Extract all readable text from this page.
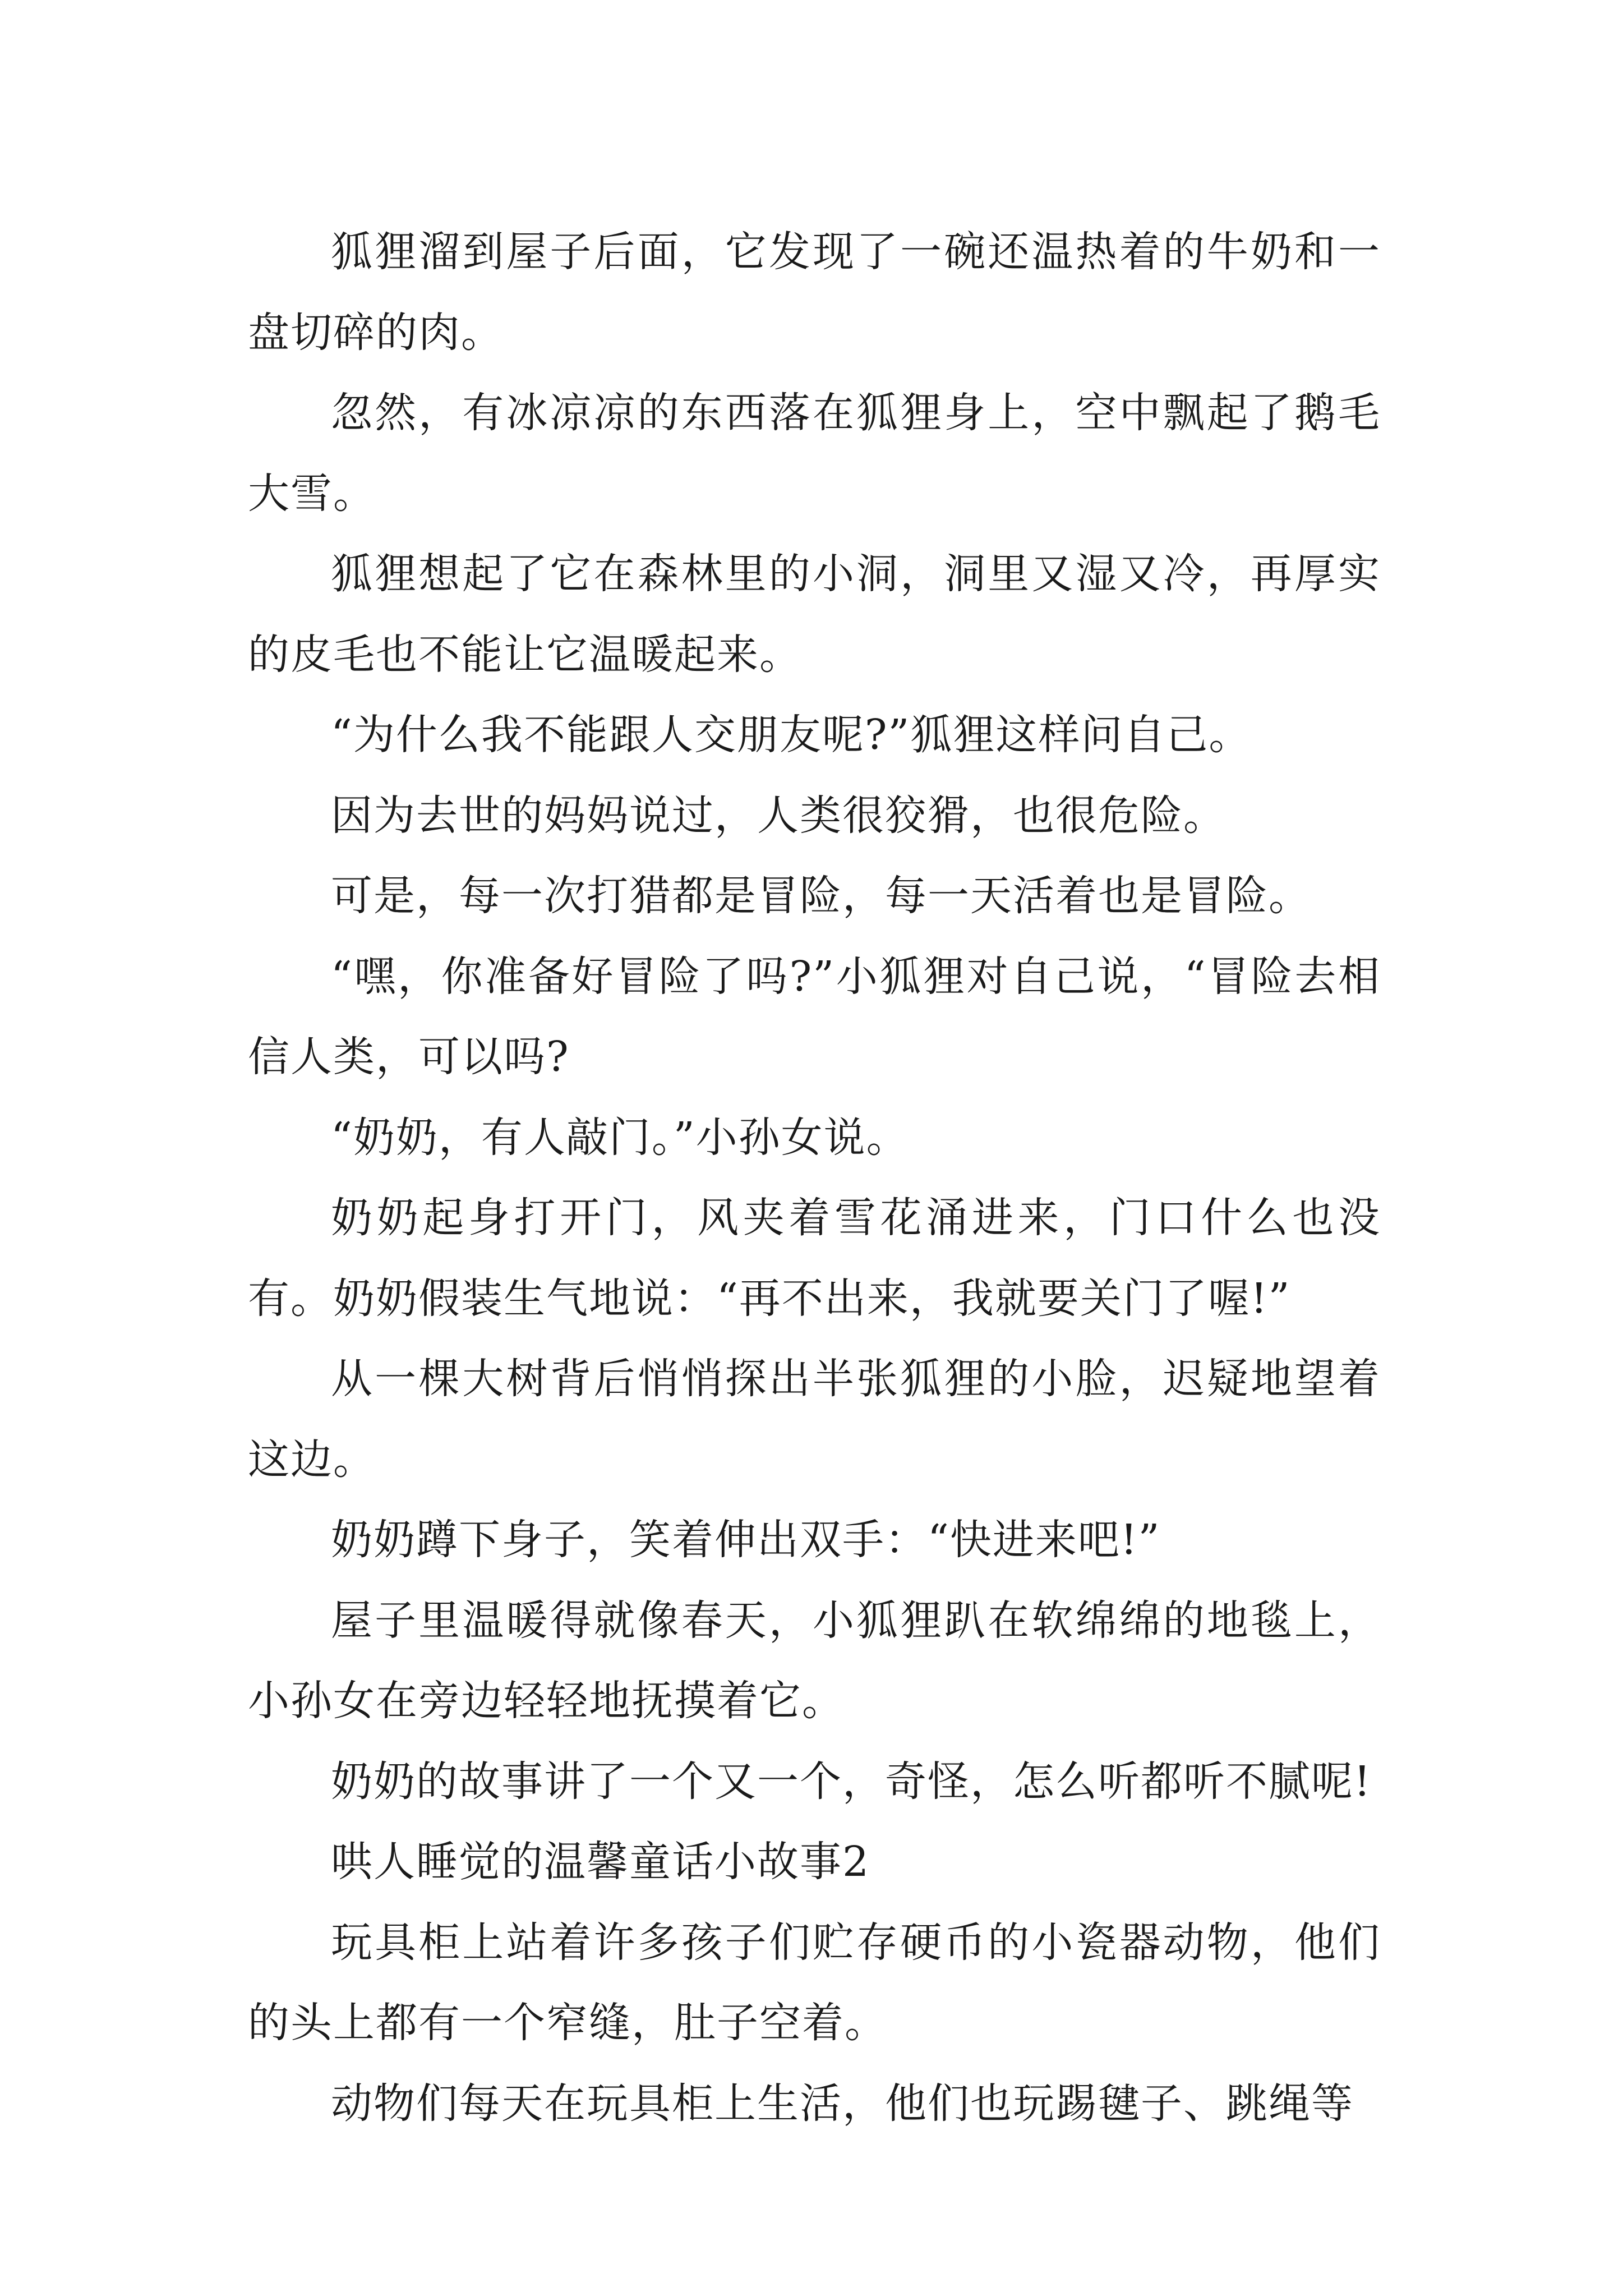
狐狸溜到屋子后面，它发现了一碗还温热着的牛奶和一盘切碎的肉。

忽然，有冰凉凉的东西落在狐狸身上，空中飘起了鹅毛大雪。

狐狸想起了它在森林里的小洞，洞里又湿又冷，再厚实的皮毛也不能让它温暖起来。

“为什么我不能跟人交朋友呢?”狐狸这样问自己。

因为去世的妈妈说过，人类很狡猾，也很危险。

可是，每一次打猎都是冒险，每一天活着也是冒险。

“嘿，你准备好冒险了吗?”小狐狸对自己说，“冒险去相信人类，可以吗?

“奶奶，有人敲门。”小孙女说。

奶奶起身打开门，风夹着雪花涌进来，门口什么也没有。奶奶假装生气地说：“再不出来，我就要关门了喔!”

从一棵大树背后悄悄探出半张狐狸的小脸，迟疑地望着这边。

奶奶蹲下身子，笑着伸出双手：“快进来吧!”

屋子里温暖得就像春天，小狐狸趴在软绵绵的地毯上，小孙女在旁边轻轻地抚摸着它。

奶奶的故事讲了一个又一个，奇怪，怎么听都听不腻呢!

哄人睡觉的温馨童话小故事2

玩具柜上站着许多孩子们贮存硬币的小瓷器动物，他们的头上都有一个窄缝，肚子空着。

动物们每天在玩具柜上生活，他们也玩踢毽子、跳绳等
